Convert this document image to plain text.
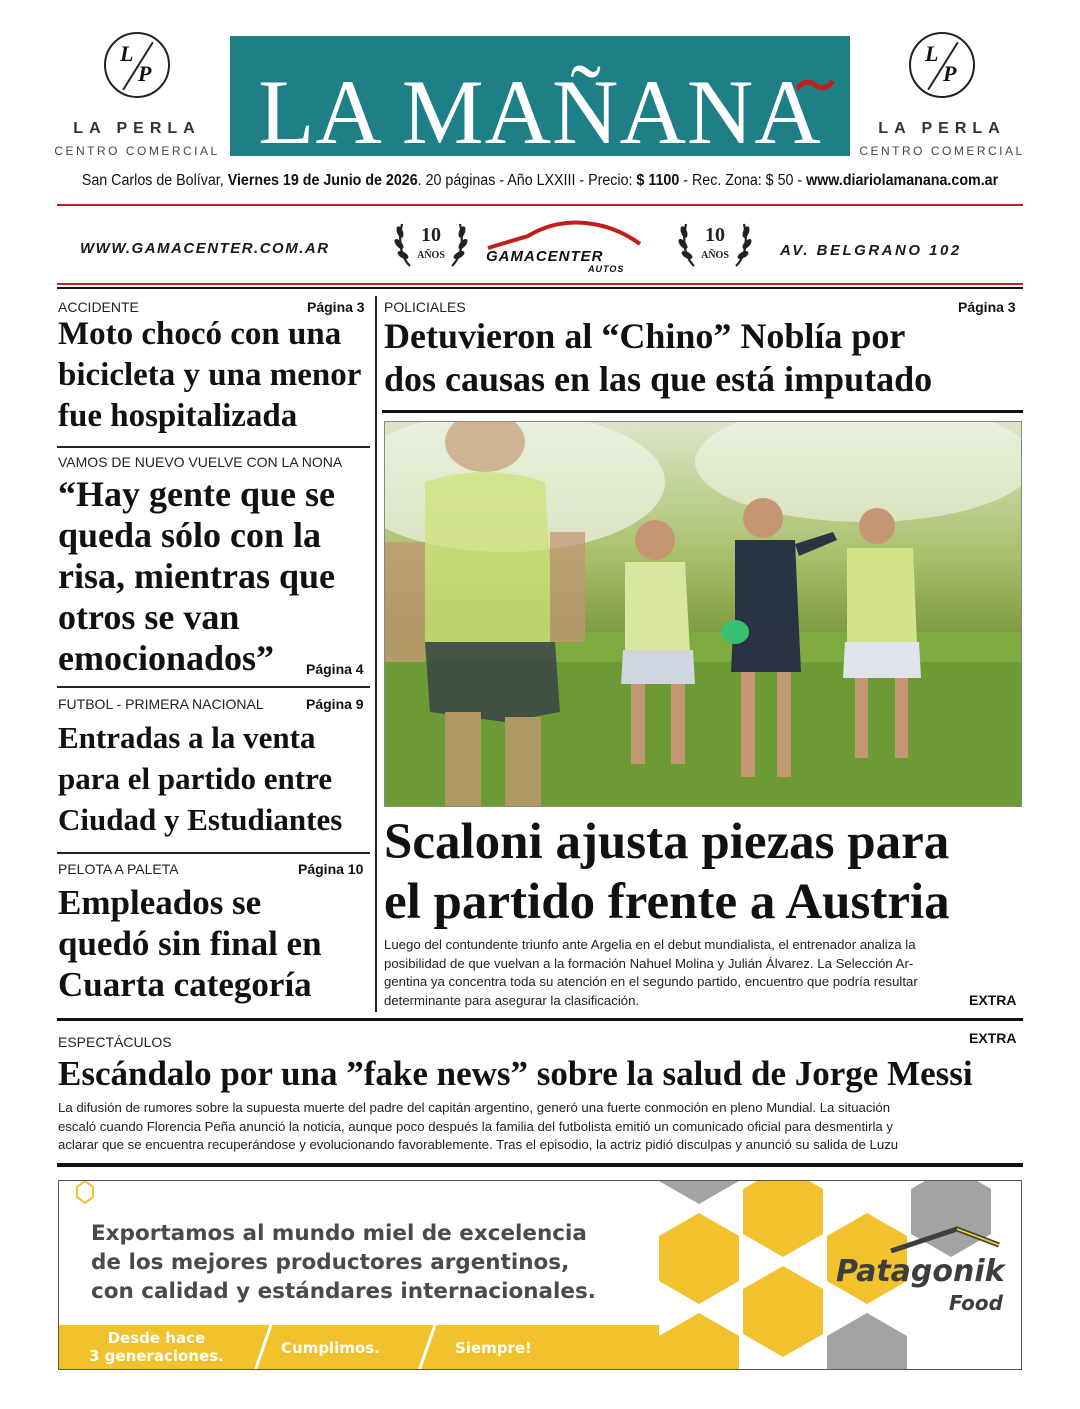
L
P
LA PERLA
CENTRO COMERCIAL LA MAÑANA
L
P
LA PERLA
CENTRO COMERCIAL
San Carlos de Bolívar, Viernes 19 de Junio de 2026. 20 páginas - Año LXXIII - Precio: $ 1100 - Rec. Zona: $ 50 - www.diariolamanana.com.ar
WWW.GAMACENTER.COM.AR
10
AÑOS	GAMACENTER
AUTOS
10
AÑOS	AV. BELGRANO 102
ACCIDENTE	Página 3
Moto chocó con una
bicicleta y una menor
fue hospitalizada
VAMOS DE NUEVO VUELVE CON LA NONA
“Hay gente que se
queda sólo con la
risa, mientras que
otros se van
emocionados”	Página 4
FUTBOL - PRIMERA NACIONAL	Página 9
Entradas a la venta
para el partido entre
Ciudad y Estudiantes
PELOTA A PALETA	Página 10
Empleados se
quedó sin final en
Cuarta categoría
POLICIALES	Página 3
Detuvieron al “Chino” Noblía por
dos causas en las que está imputado
Scaloni ajusta piezas para
el partido frente a Austria
Luego del contundente triunfo ante Argelia en el debut mundialista, el entrenador analiza la
posibilidad de que vuelvan a la formación Nahuel Molina y Julián Álvarez. La Selección Ar-
gentina ya concentra toda su atención en el segundo partido, encuentro que podría resultar
determinante para asegurar la clasificación.	EXTRA
ESPECTÁCULOS	EXTRA
Escándalo por una ”fake news” sobre la salud de Jorge Messi
La difusión de rumores sobre la supuesta muerte del padre del capitán argentino, generó una fuerte conmoción en pleno Mundial. La situación
escaló cuando Florencia Peña anunció la noticia, aunque poco después la familia del futbolista emitió un comunicado oficial para desmentirla y
aclarar que se encuentra recuperándose y evolucionando favorablemente. Tras el episodio, la actriz pidió disculpas y anunció su salida de Luzu
Exportamos al mundo miel de excelencia
de los mejores productores argentinos,
con calidad y estándares internacionales.
Desde hace
3 generaciones.	Cumplimos.	Siempre!
Patagonik
Food
